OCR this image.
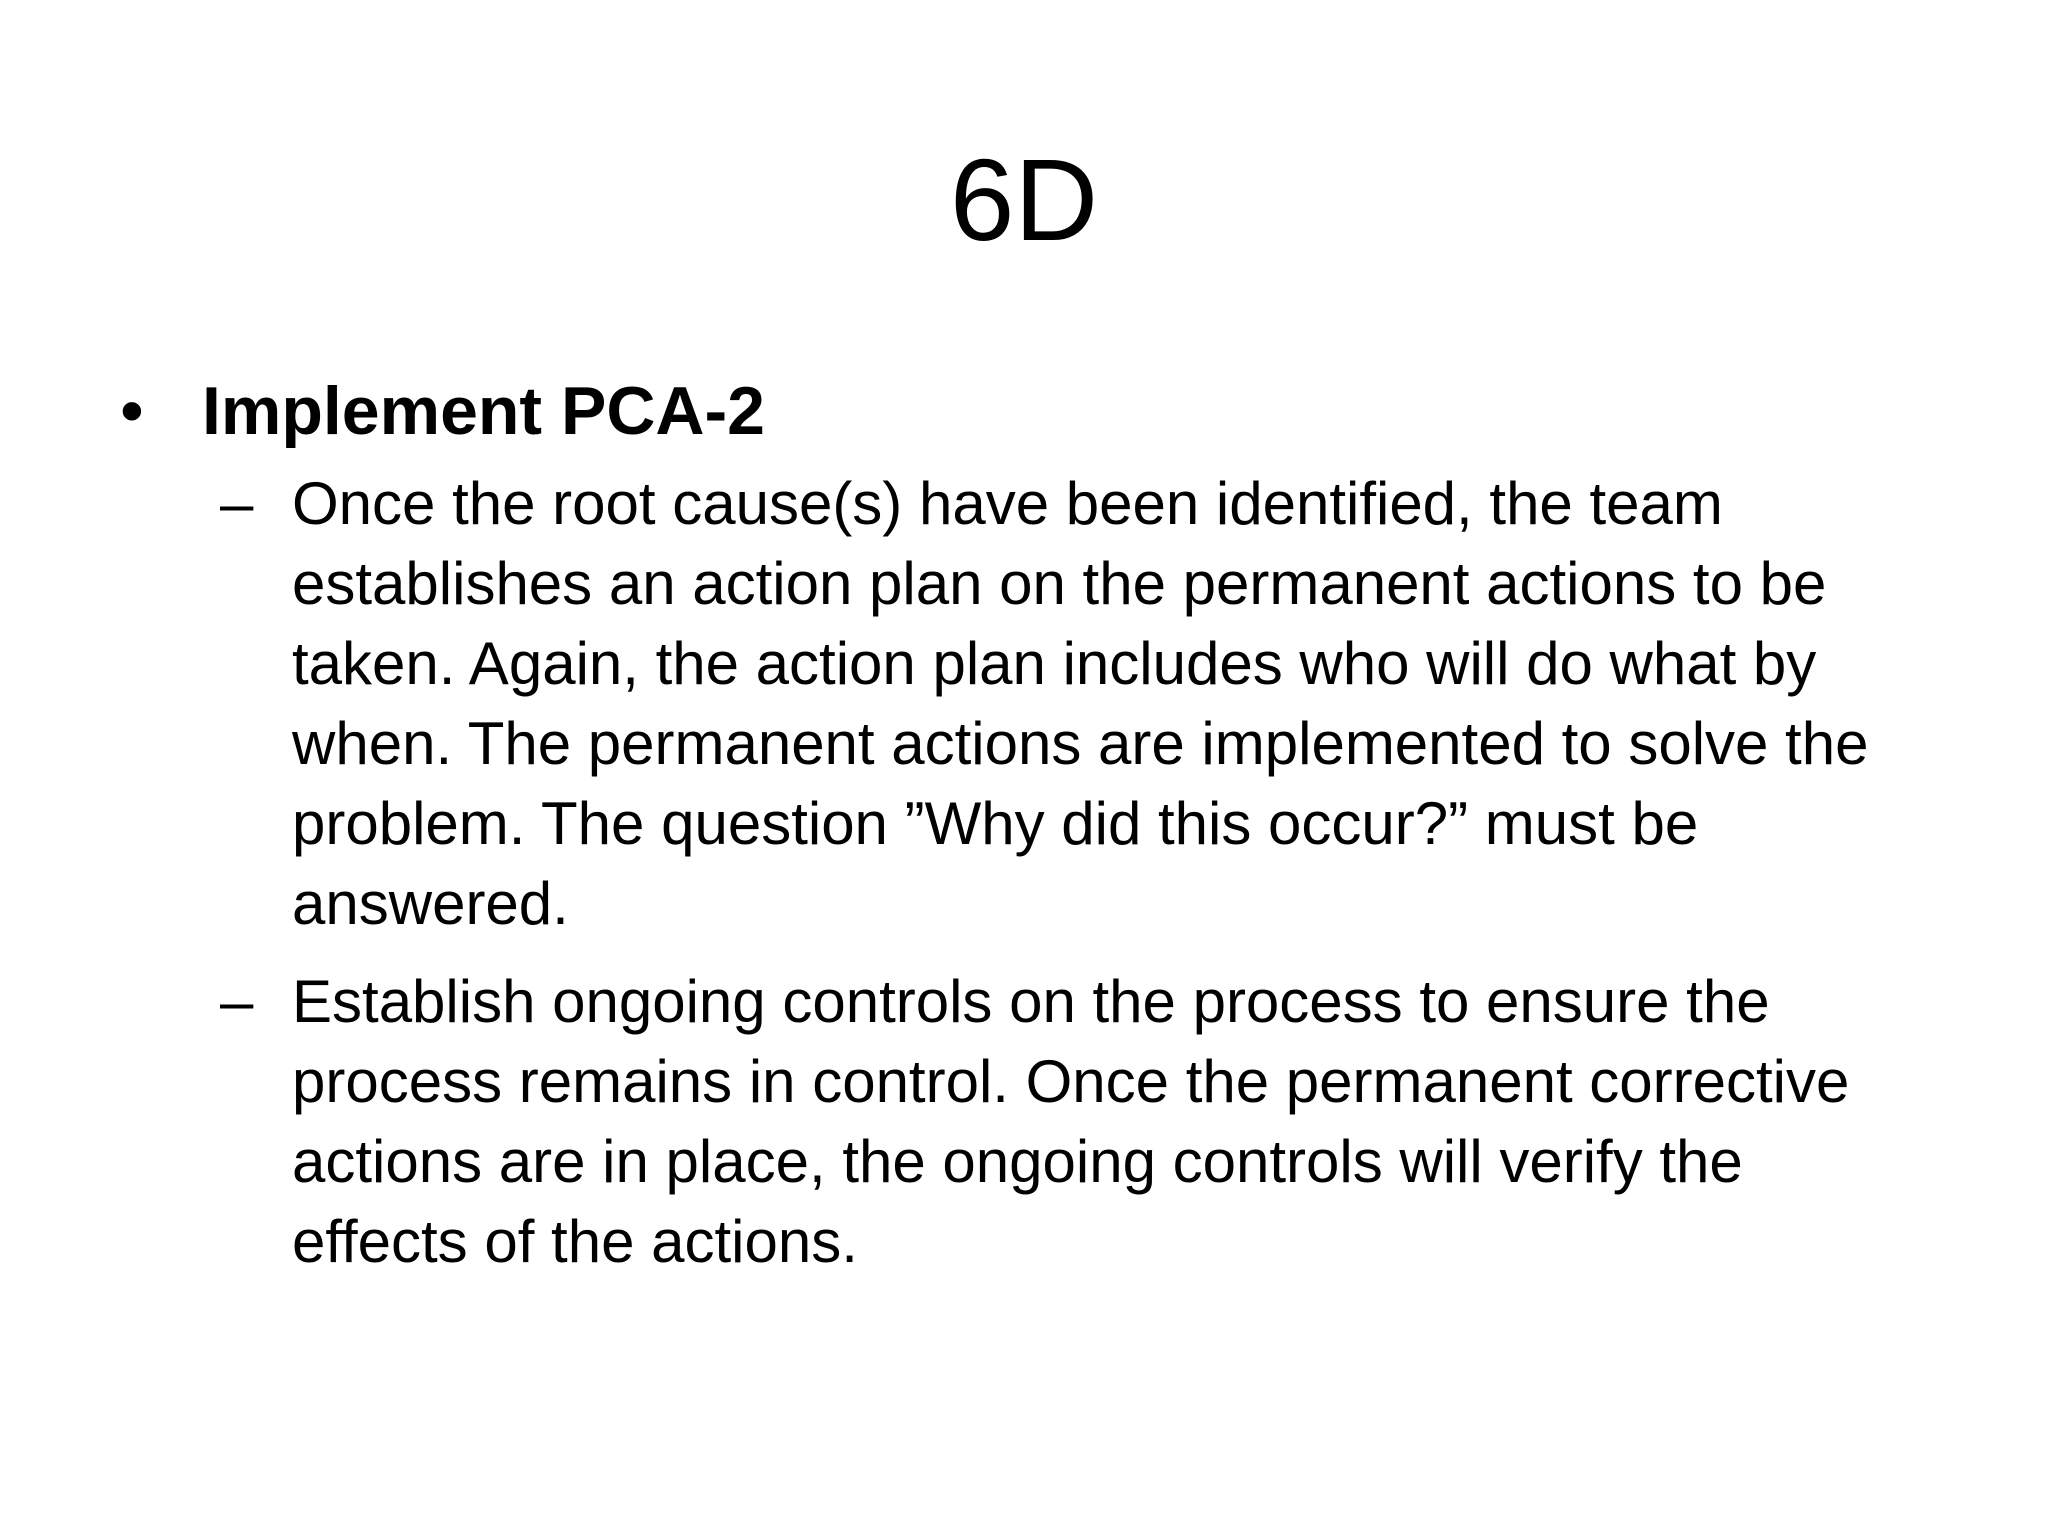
6D
• Implement PCA-2
– Once the root cause(s) have been identified, the team establishes an action plan on the permanent actions to be taken. Again, the action plan includes who will do what by when. The permanent actions are implemented to solve the problem. The question ”Why did this occur?” must be answered.
– Establish ongoing controls on the process to ensure the process remains in control. Once the permanent corrective actions are in place, the ongoing controls will verify the effects of the actions.
